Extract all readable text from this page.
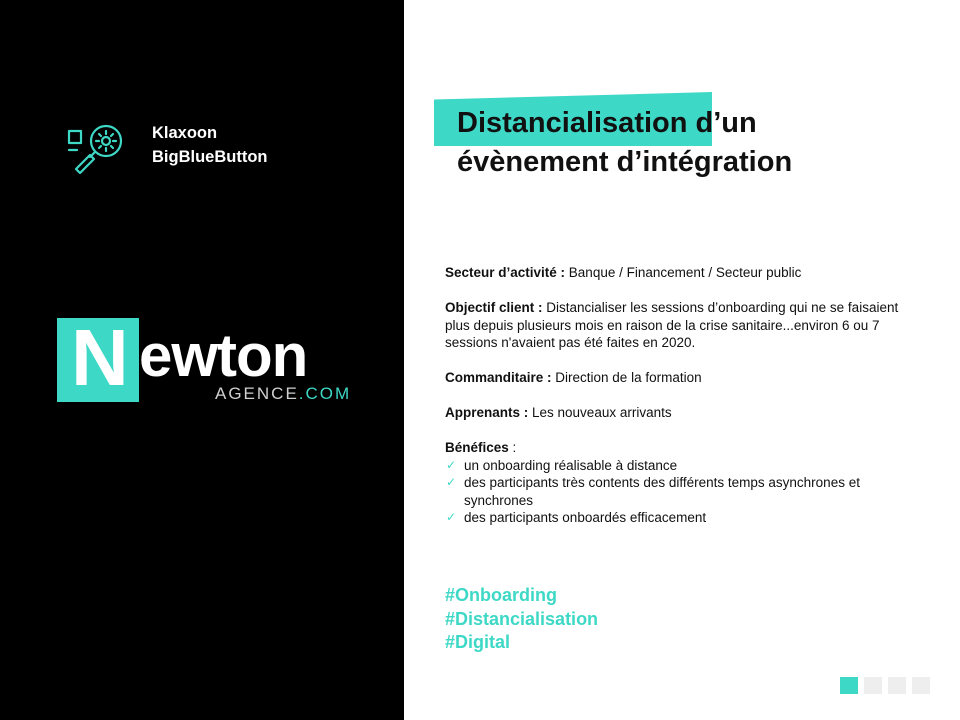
Klaxoon
BigBlueButton
N ewton
AGENCE.COM
Distancialisation d’un
évènement d’intégration

Secteur d’activité : Banque / Financement / Secteur public

Objectif client : Distancialiser les sessions d’onboarding qui ne se faisaient plus depuis plusieurs mois en raison de la crise sanitaire...environ 6 ou 7 sessions n'avaient pas été faites en 2020.

Commanditaire : Direction de la formation

Apprenants : Les nouveaux arrivants

Bénéfices :
✓ un onboarding réalisable à distance
✓ des participants très contents des différents temps asynchrones et synchrones
✓ des participants onboardés efficacement
#Onboarding
#Distancialisation
#Digital
